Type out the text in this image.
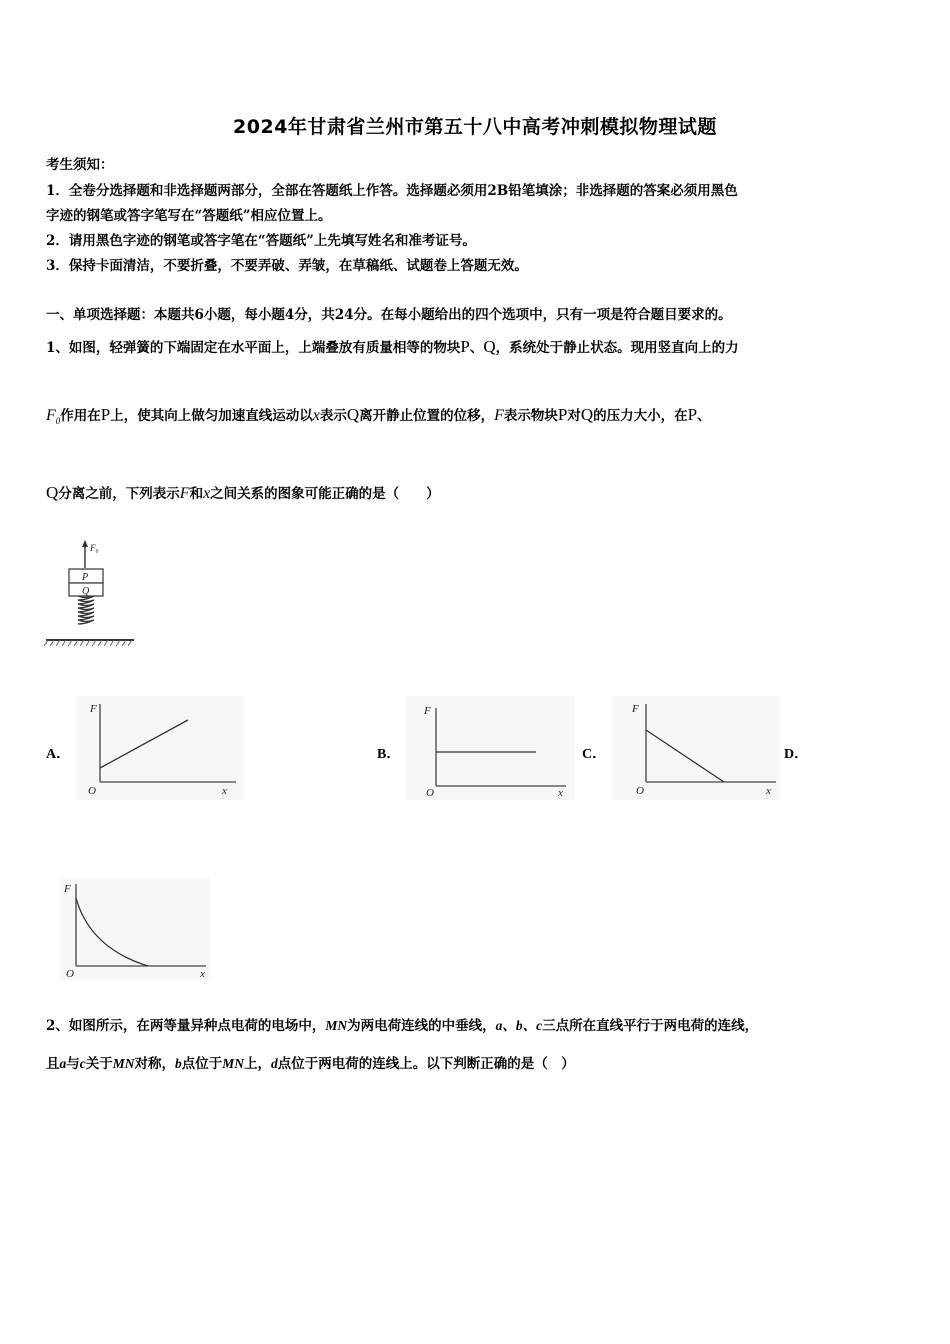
2024年甘肃省兰州市第五十八中高考冲刺模拟物理试题
考生须知：
1．全卷分选择题和非选择题两部分，全部在答题纸上作答。选择题必须用2B铅笔填涂；非选择题的答案必须用黑色
字迹的钢笔或答字笔写在“答题纸”相应位置上。
2．请用黑色字迹的钢笔或答字笔在“答题纸”上先填写姓名和准考证号。
3．保持卡面清洁，不要折叠，不要弄破、弄皱，在草稿纸、试题卷上答题无效。
一、单项选择题：本题共6小题，每小题4分，共24分。在每小题给出的四个选项中，只有一项是符合题目要求的。
1、如图，轻弹簧的下端固定在水平面上，上端叠放有质量相等的物块P、Q，系统处于静止状态。现用竖直向上的力
$F_0$作用在P上，使其向上做匀加速直线运动以x表示Q离开静止位置的位移，F表示物块P对Q的压力大小，在P、
Q分离之前，下列表示F和x之间关系的图象可能正确的是（　　）
F₀
P
Q
A．	B．	C．	D．
F
O	x
F
O	x
F
O	x
F
O	x
2、如图所示，在两等量异种点电荷的电场中，MN为两电荷连线的中垂线，a、b、c三点所在直线平行于两电荷的连线，
且a与c关于MN对称，b点位于MN上，d点位于两电荷的连线上。以下判断正确的是（　）
